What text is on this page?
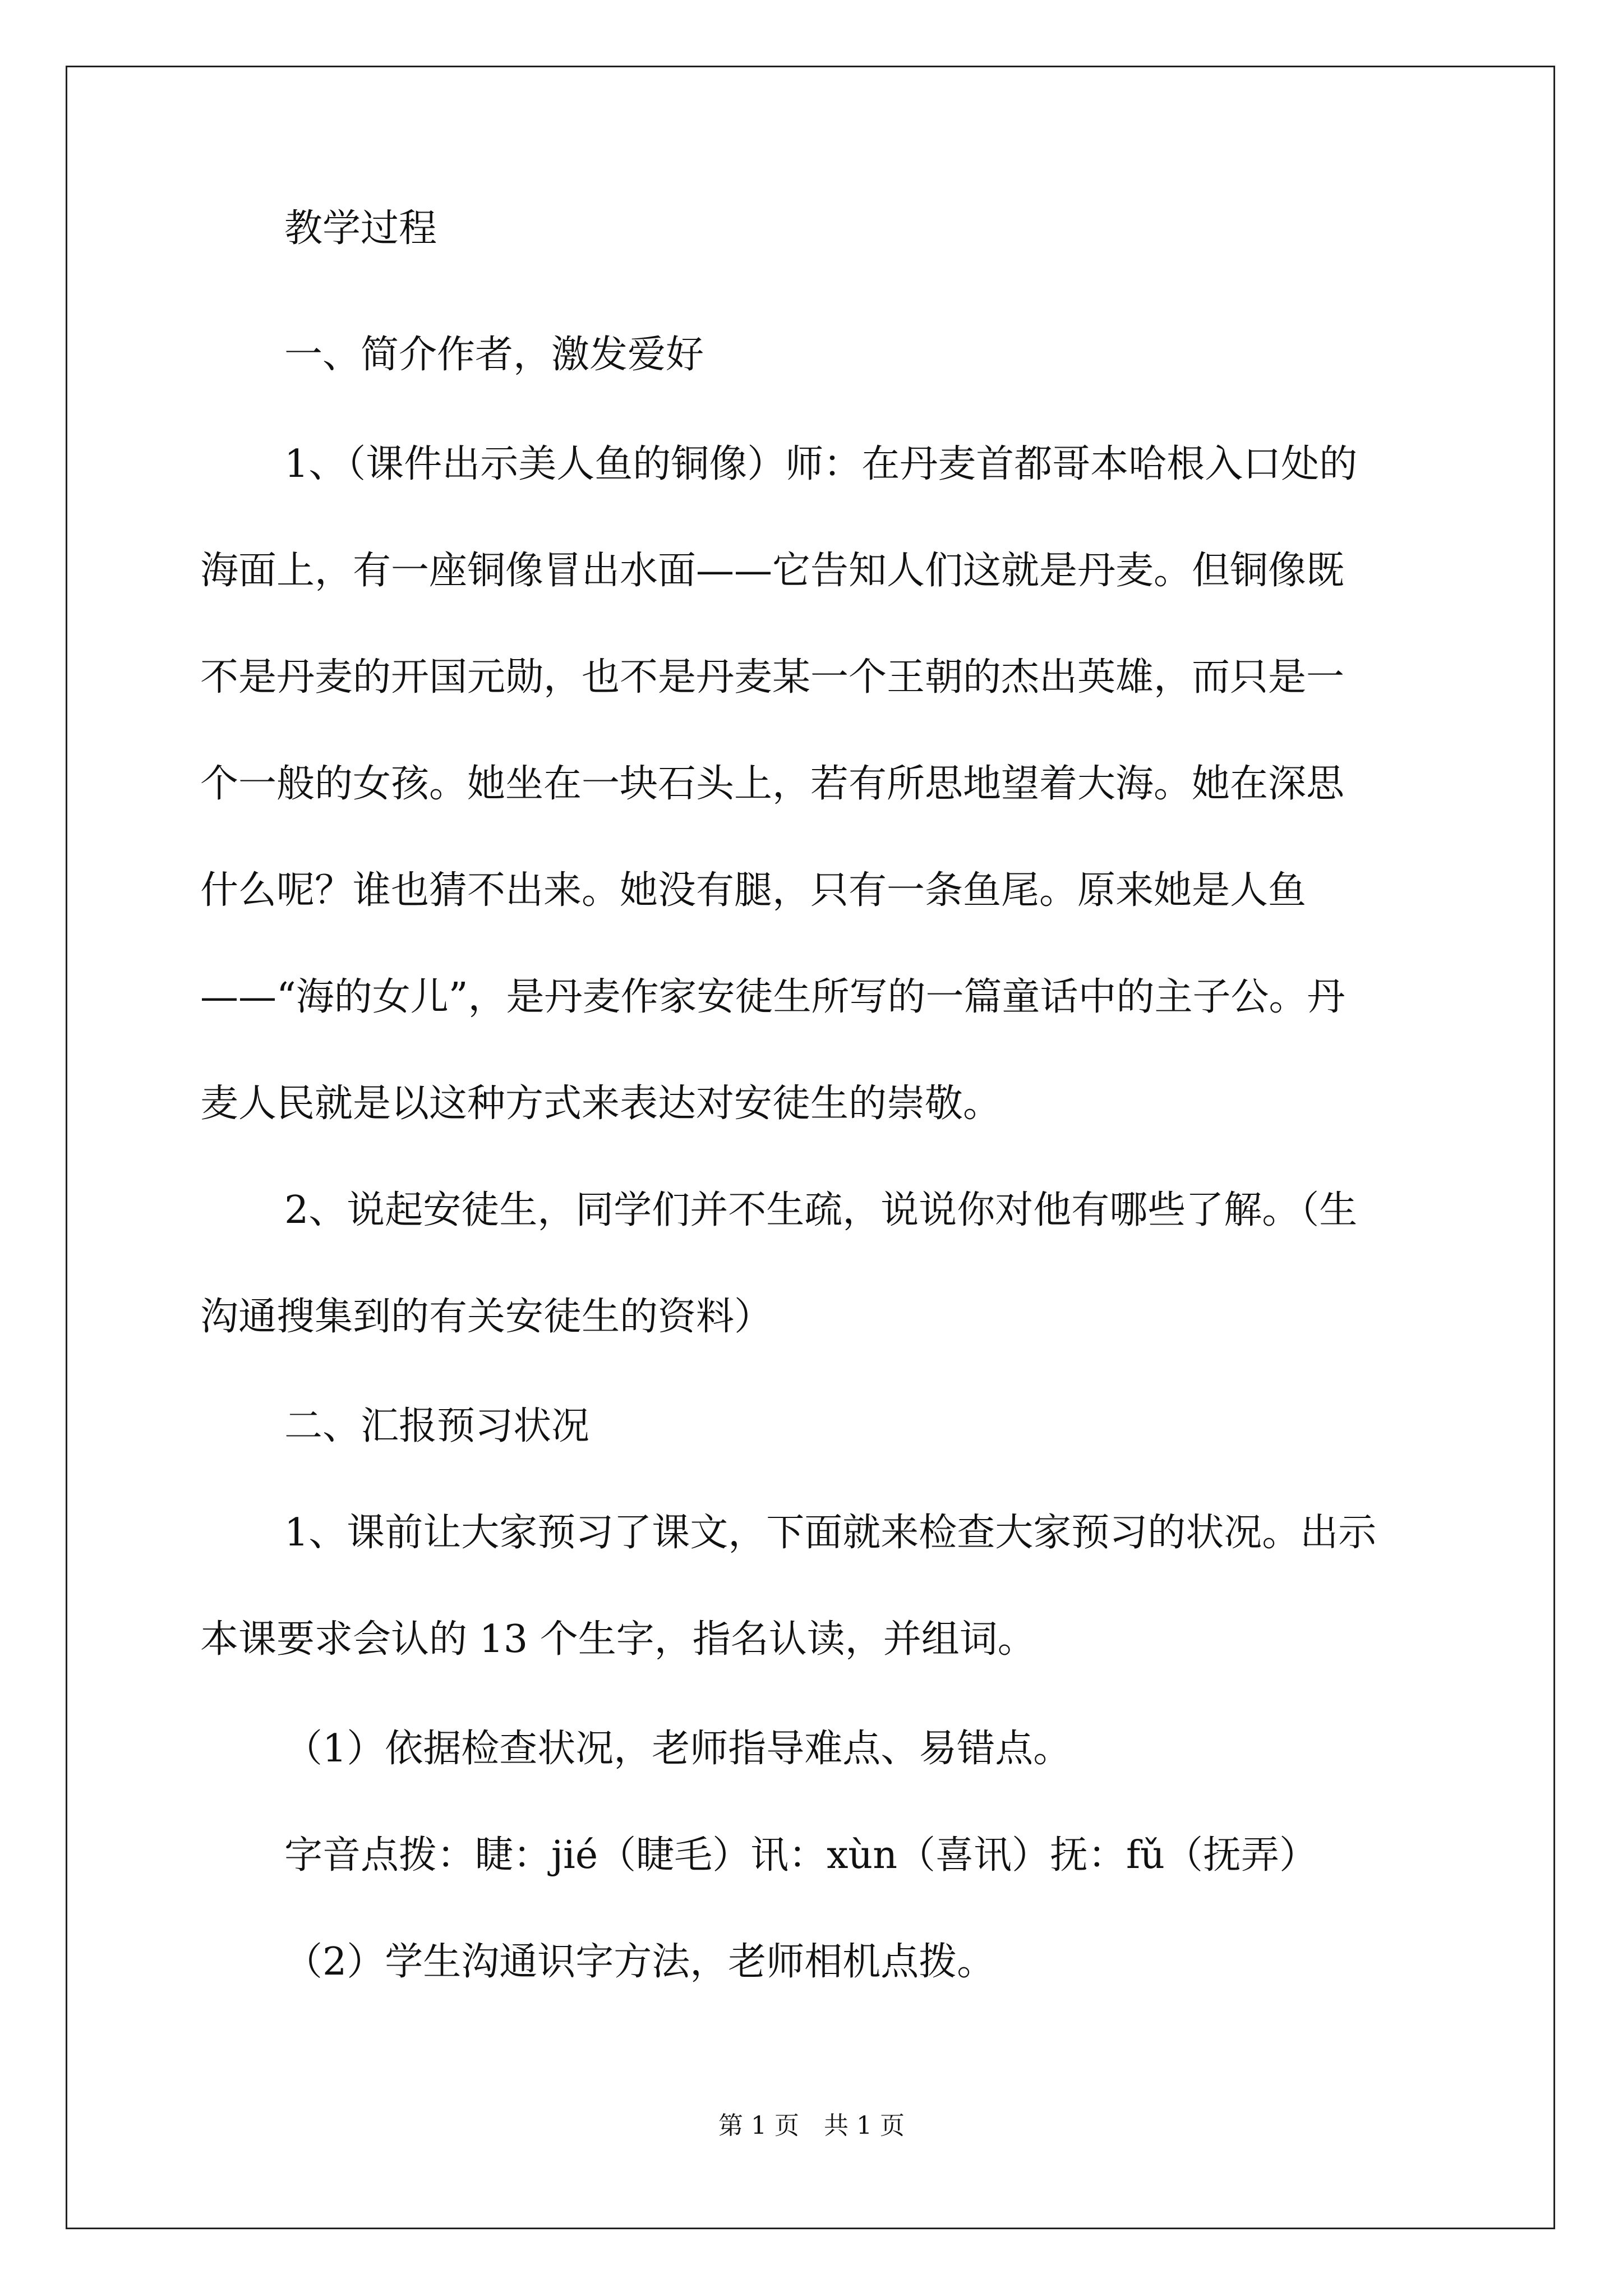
教学过程
一、简介作者，激发爱好
1、（课件出示美人鱼的铜像）师：在丹麦首都哥本哈根入口处的
海面上，有一座铜像冒出水面——它告知人们这就是丹麦。但铜像既
不是丹麦的开国元勋，也不是丹麦某一个王朝的杰出英雄，而只是一
个一般的女孩。她坐在一块石头上，若有所思地望着大海。她在深思
什么呢？谁也猜不出来。她没有腿，只有一条鱼尾。原来她是人鱼
——“海的女儿”，是丹麦作家安徒生所写的一篇童话中的主子公。丹
麦人民就是以这种方式来表达对安徒生的崇敬。
2、说起安徒生，同学们并不生疏，说说你对他有哪些了解。（生
沟通搜集到的有关安徒生的资料）
二、汇报预习状况
1、课前让大家预习了课文，下面就来检查大家预习的状况。出示
本课要求会认的 13 个生字，指名认读，并组词。
（1）依据检查状况，老师指导难点、易错点。
字音点拨：睫：jié（睫毛）讯：xùn（喜讯）抚：fǔ（抚弄）
（2）学生沟通识字方法，老师相机点拨。
第 1 页　共 1 页
